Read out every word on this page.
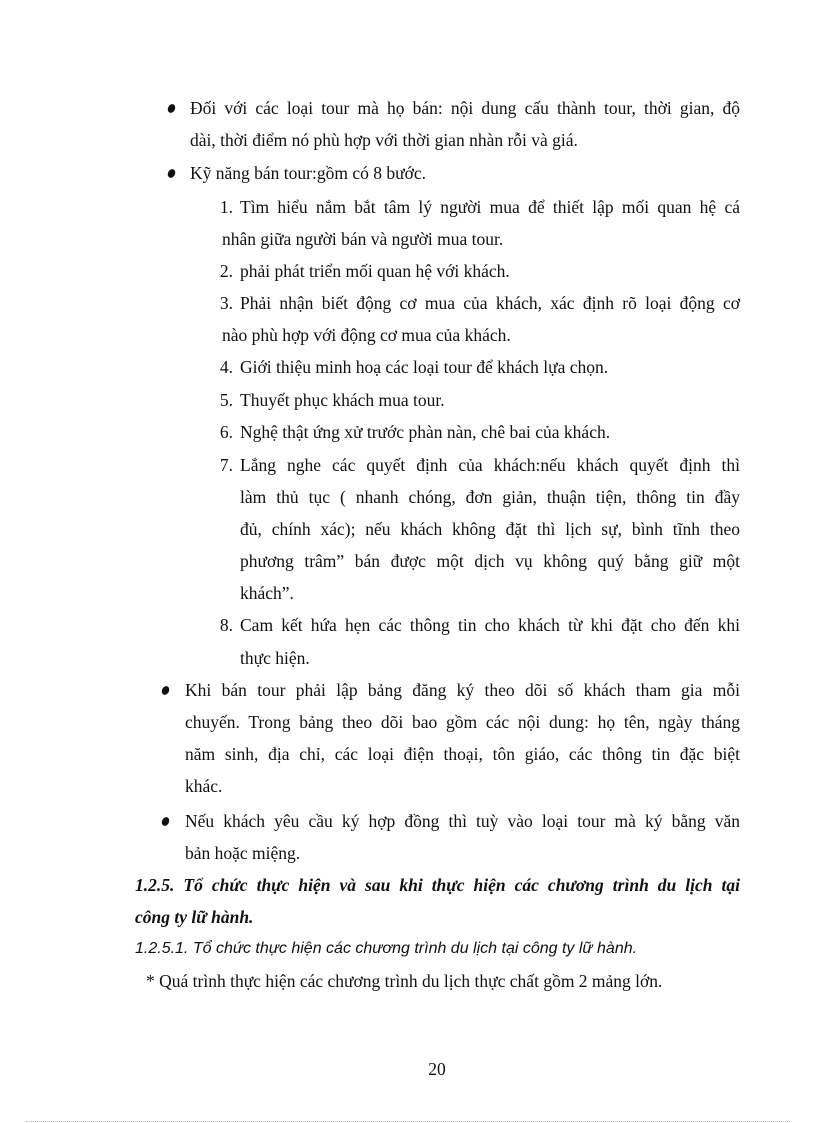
Đối với các loại tour mà họ bán: nội dung cấu thành tour, thời gian, độ
dài, thời điểm nó phù hợp với thời gian nhàn rỗi và giá.
Kỹ năng bán tour:gồm có 8 bước.
1. Tìm hiểu nắm bắt tâm lý người mua để thiết lập mối quan hệ cá
nhân giữa người bán và người mua tour.
2. phải phát triển mối quan hệ với khách.
3. Phải nhận biết động cơ mua của khách, xác định rõ loại động cơ
nào phù hợp với động cơ mua của khách.
4. Giới thiệu minh hoạ các loại tour để khách lựa chọn.
5. Thuyết phục khách mua tour.
6. Nghệ thật ứng xử trước phàn nàn, chê bai của khách.
7. Lắng nghe các quyết định của khách:nếu khách quyết định thì
làm thủ tục ( nhanh chóng, đơn giản, thuận tiện, thông tin đầy
đủ, chính xác); nếu khách không đặt thì lịch sự, bình tĩnh theo
phương trâm” bán được một dịch vụ không quý bằng giữ một
khách”.
8. Cam kết hứa hẹn các thông tin cho khách từ khi đặt cho đến khi
thực hiện.
Khi bán tour phải lập bảng đăng ký theo dõi số khách tham gia mỗi
chuyến. Trong bảng theo dõi bao gồm các nội dung: họ tên, ngày tháng
năm sinh, địa chỉ, các loại điện thoại, tôn giáo, các thông tin đặc biệt
khác.
Nếu khách yêu cầu ký hợp đồng thì tuỳ vào loại tour mà ký bằng văn
bản hoặc miệng.
1.2.5. Tổ chức thực hiện và sau khi thực hiện các chương trình du lịch tại
công ty lữ hành.
1.2.5.1. Tổ chức thực hiện các chương trình du lịch tại công ty lữ hành.
* Quá trình thực hiện các chương trình du lịch thực chất gồm 2 mảng lớn.
20
